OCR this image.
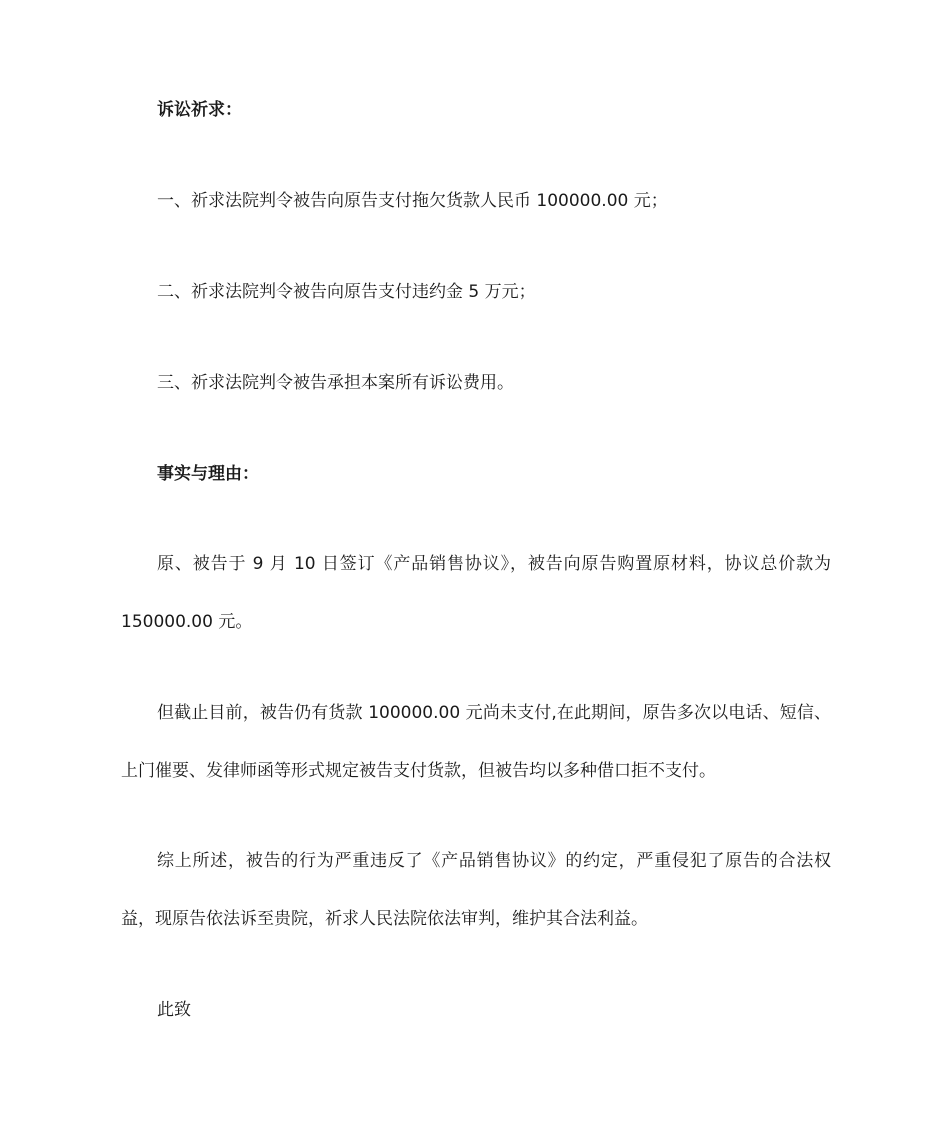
诉讼祈求：

一、祈求法院判令被告向原告支付拖欠货款人民币 100000.00 元；

二、祈求法院判令被告向原告支付违约金 5 万元；

三、祈求法院判令被告承担本案所有诉讼费用。

事实与理由：

原、被告于 9 月 10 日签订《产品销售协议》，被告向原告购置原材料，协议总价款为 150000.00 元。

但截止目前，被告仍有货款 100000.00 元尚未支付,在此期间，原告多次以电话、短信、上门催要、发律师函等形式规定被告支付货款，但被告均以多种借口拒不支付。

综上所述，被告的行为严重违反了《产品销售协议》的约定，严重侵犯了原告的合法权益，现原告依法诉至贵院，祈求人民法院依法审判，维护其合法利益。

此致
